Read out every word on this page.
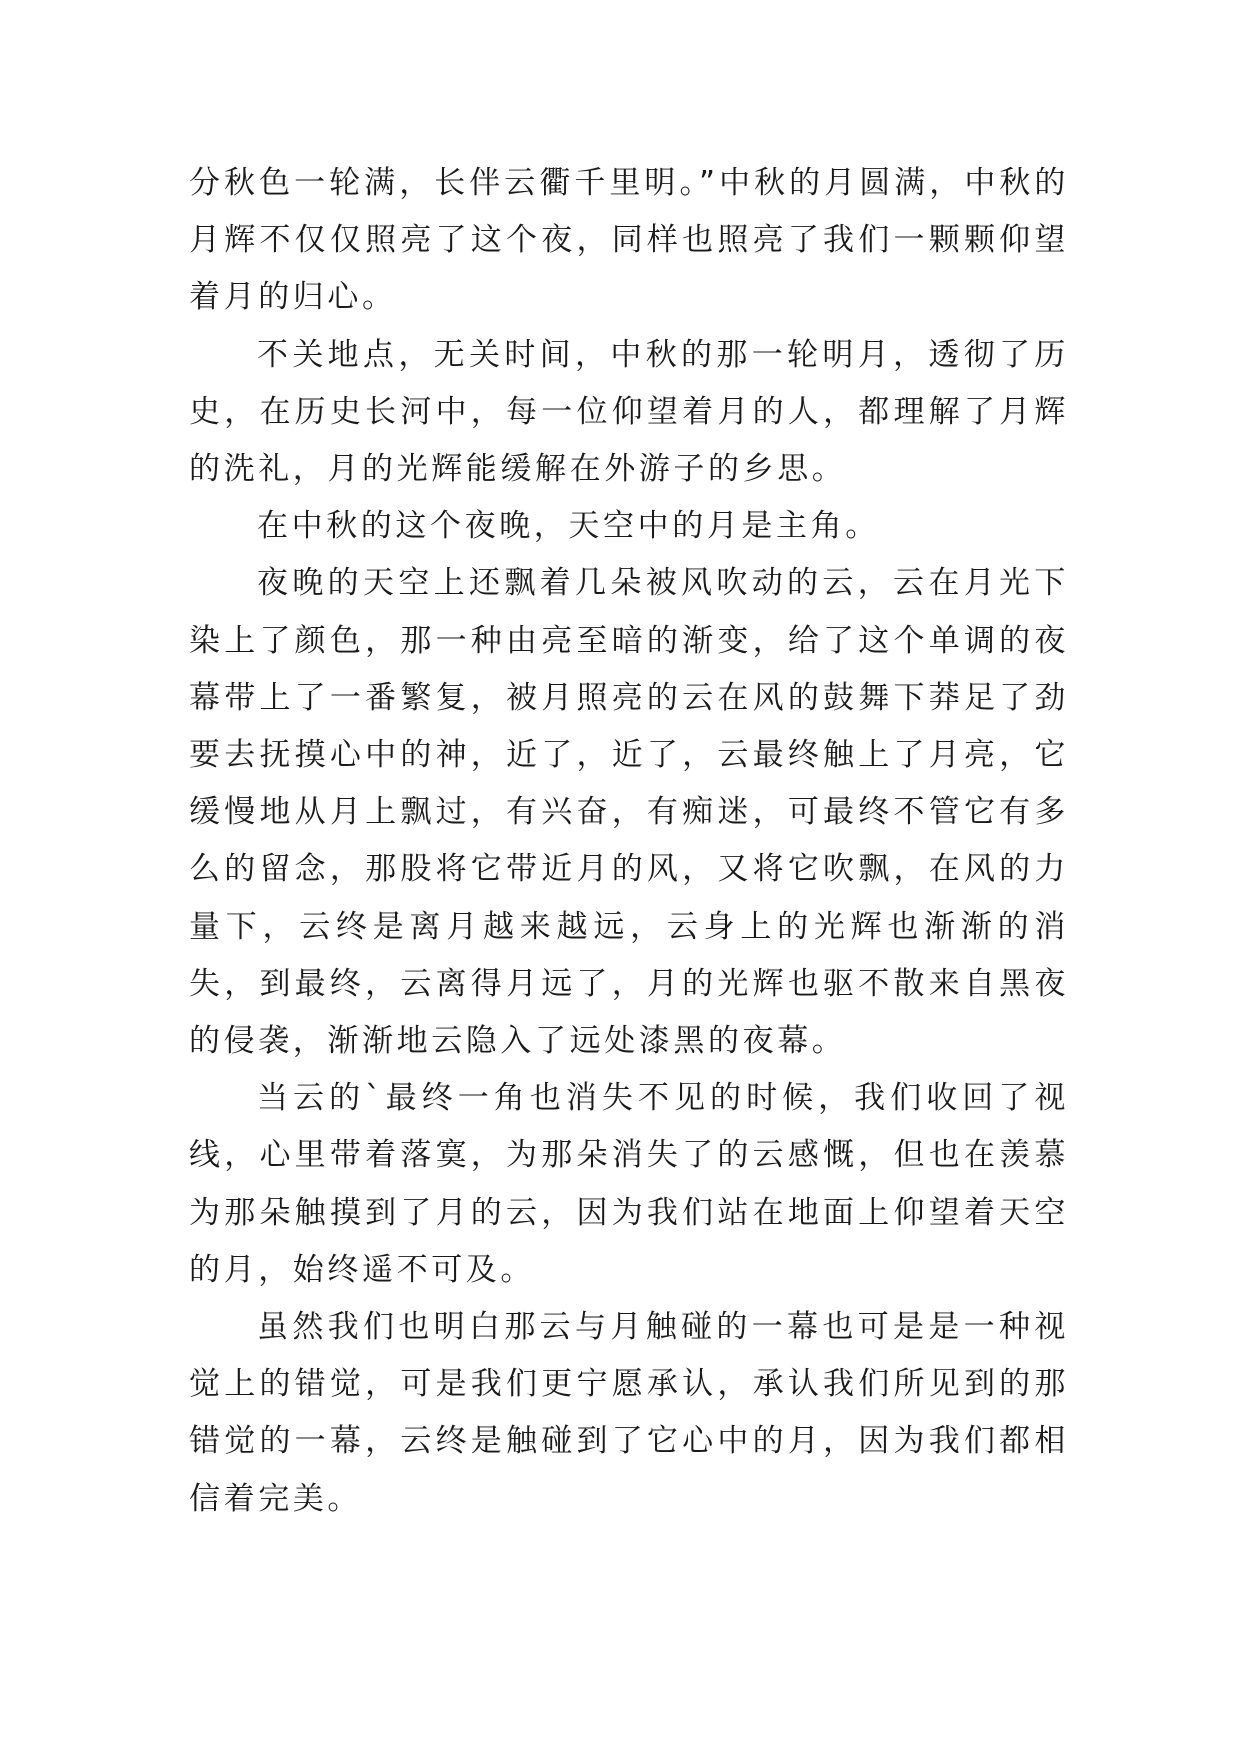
分秋色一轮满，长伴云衢千里明。”中秋的月圆满，中秋的月辉不仅仅照亮了这个夜，同样也照亮了我们一颗颗仰望着月的归心。

不关地点，无关时间，中秋的那一轮明月，透彻了历史，在历史长河中，每一位仰望着月的人，都理解了月辉的洗礼，月的光辉能缓解在外游子的乡思。

在中秋的这个夜晚，天空中的月是主角。

夜晚的天空上还飘着几朵被风吹动的云，云在月光下染上了颜色，那一种由亮至暗的渐变，给了这个单调的夜幕带上了一番繁复，被月照亮的云在风的鼓舞下莽足了劲要去抚摸心中的神，近了，近了，云最终触上了月亮，它缓慢地从月上飘过，有兴奋，有痴迷，可最终不管它有多么的留念，那股将它带近月的风，又将它吹飘，在风的力量下，云终是离月越来越远，云身上的光辉也渐渐的消失，到最终，云离得月远了，月的光辉也驱不散来自黑夜的侵袭，渐渐地云隐入了远处漆黑的夜幕。

当云的`最终一角也消失不见的时候，我们收回了视线，心里带着落寞，为那朵消失了的云感慨，但也在羡慕为那朵触摸到了月的云，因为我们站在地面上仰望着天空的月，始终遥不可及。

虽然我们也明白那云与月触碰的一幕也可是是一种视觉上的错觉，可是我们更宁愿承认，承认我们所见到的那错觉的一幕，云终是触碰到了它心中的月，因为我们都相信着完美。
